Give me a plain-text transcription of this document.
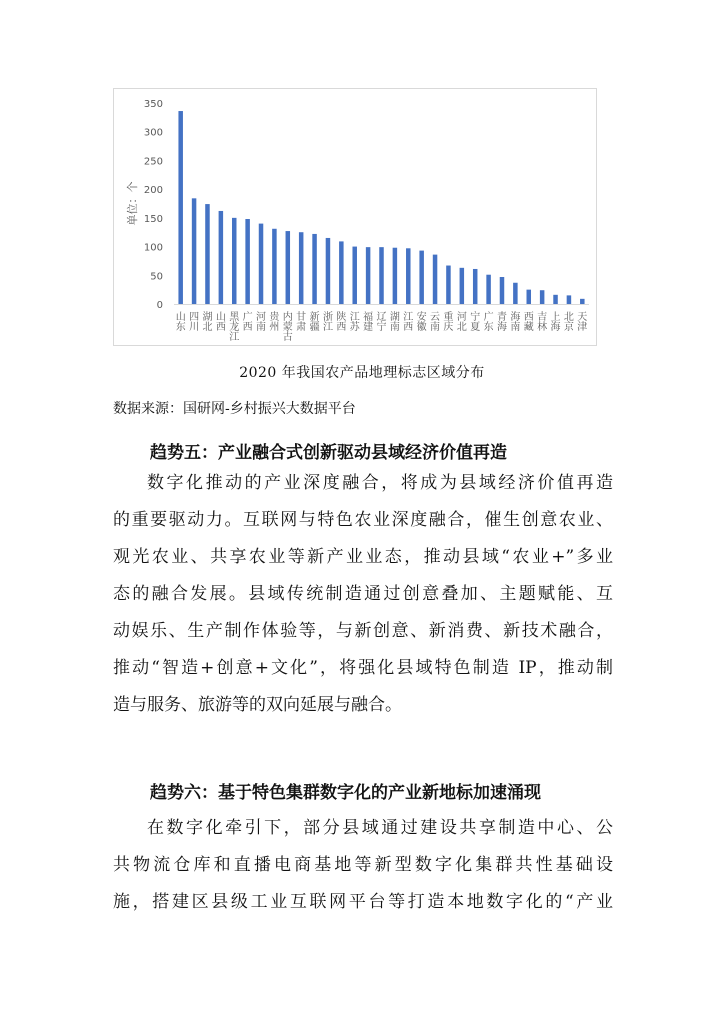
0
50
100
150
200
250
300
350
单位：个
山东
四川
湖北
山西
黑龙江
广西
河南
贵州
内蒙古
甘肃
新疆
浙江
陕西
江苏
福建
辽宁
湖南
江西
安徽
云南
重庆
河北
宁夏
广东
青海
海南
西藏
吉林
上海
北京
天津
2020 年我国农产品地理标志区域分布
数据来源：国研网-乡村振兴大数据平台
趋势五：产业融合式创新驱动县域经济价值再造
数字化推动的产业深度融合，将成为县域经济价值再造
的重要驱动力。互联网与特色农业深度融合，催生创意农业、
观光农业、共享农业等新产业业态，推动县域“农业+”多业
态的融合发展。县域传统制造通过创意叠加、主题赋能、互
动娱乐、生产制作体验等，与新创意、新消费、新技术融合，
推动“智造+创意+文化”，将强化县域特色制造 IP，推动制
造与服务、旅游等的双向延展与融合。
趋势六：基于特色集群数字化的产业新地标加速涌现
在数字化牵引下，部分县域通过建设共享制造中心、公
共物流仓库和直播电商基地等新型数字化集群共性基础设
施，搭建区县级工业互联网平台等打造本地数字化的“产业
